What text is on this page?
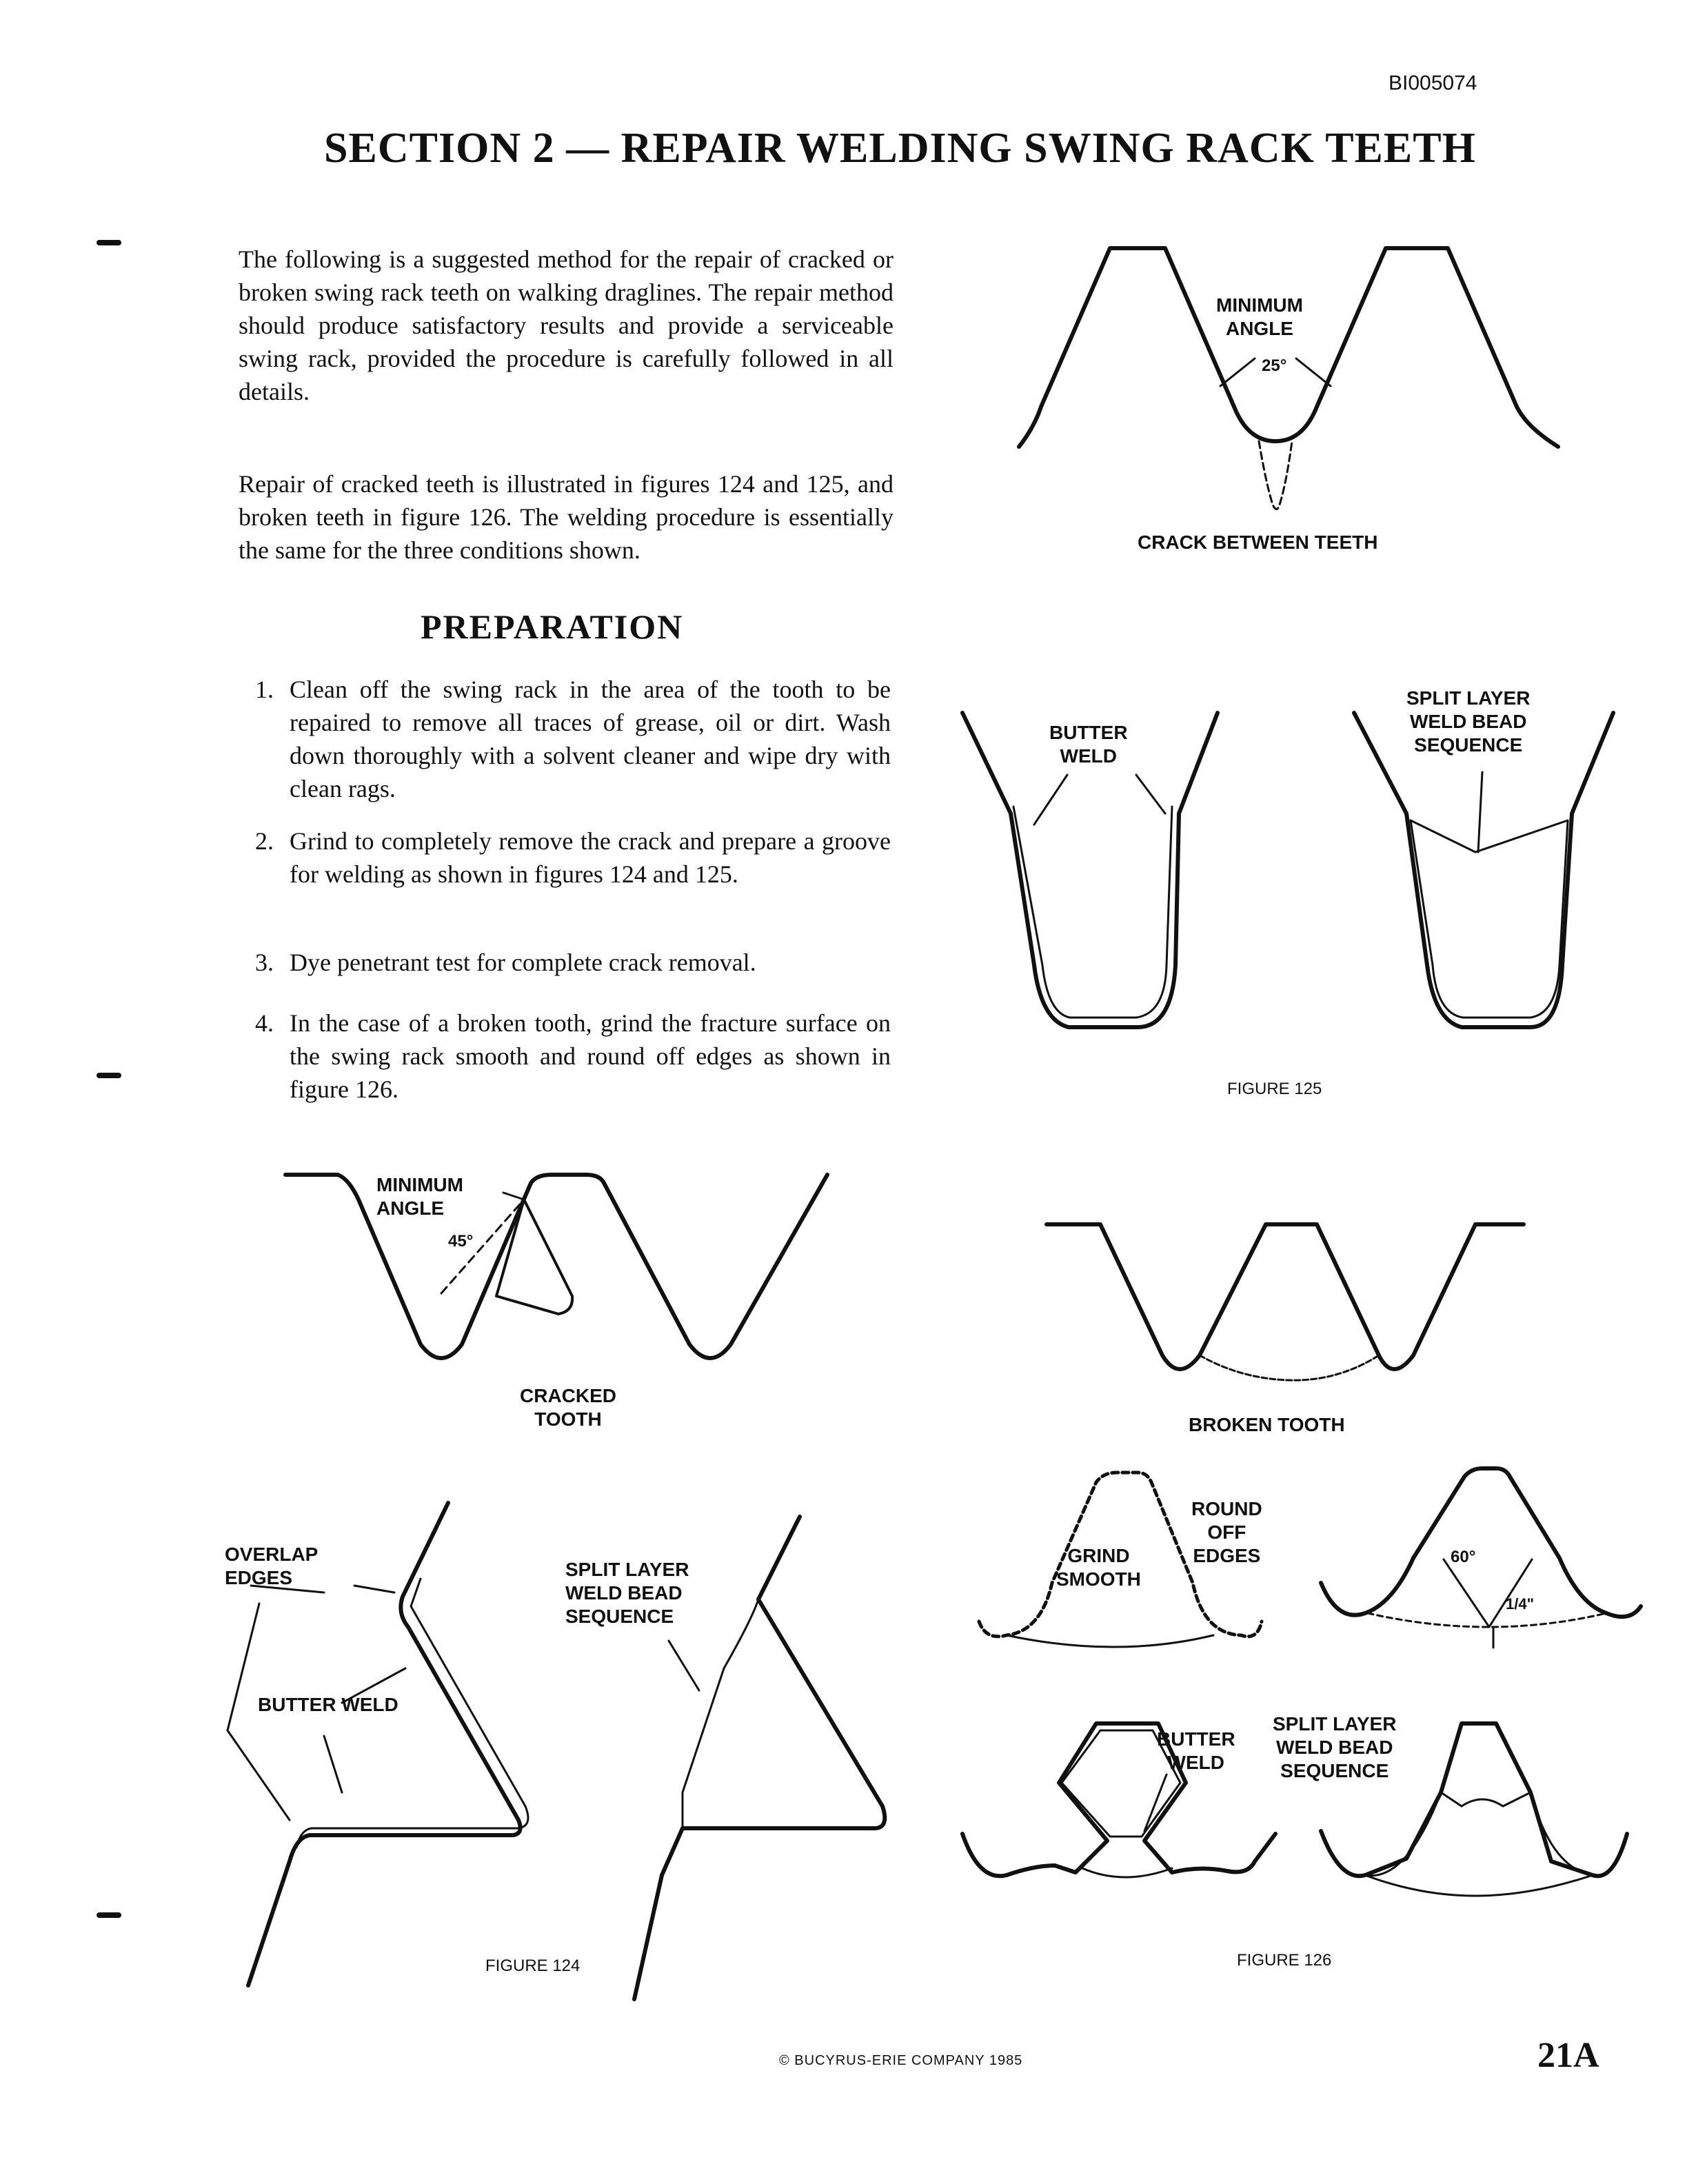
BI005074
SECTION 2 — REPAIR WELDING SWING RACK TEETH
The following is a suggested method for the repair of cracked or broken swing rack teeth on walking draglines. The repair method should produce satisfactory results and provide a serviceable swing rack, provided the procedure is carefully followed in all details.
Repair of cracked teeth is illustrated in figures 124 and 125, and broken teeth in figure 126. The welding procedure is essentially the same for the three conditions shown.
PREPARATION
1. Clean off the swing rack in the area of the tooth to be repaired to remove all traces of grease, oil or dirt. Wash down thoroughly with a solvent cleaner and wipe dry with clean rags.
2. Grind to completely remove the crack and prepare a groove for welding as shown in figures 124 and 125.
3. Dye penetrant test for complete crack removal.
4. In the case of a broken tooth, grind the fracture surface on the swing rack smooth and round off edges as shown in figure 126.
MINIMUM
ANGLE
25°
CRACK BETWEEN TEETH
BUTTER
WELD
SPLIT LAYER
WELD BEAD
SEQUENCE
FIGURE 125
MINIMUM
ANGLE
45°
CRACKED
TOOTH	BROKEN TOOTH
OVERLAP
EDGES
BUTTER WELD
SPLIT LAYER
WELD BEAD
SEQUENCE
FIGURE 124
GRIND
SMOOTH
ROUND
OFF
EDGES	60°
1/4"
BUTTER
WELD
SPLIT LAYER
WELD BEAD
SEQUENCE
FIGURE 126
© BUCYRUS-ERIE COMPANY 1985	21A
